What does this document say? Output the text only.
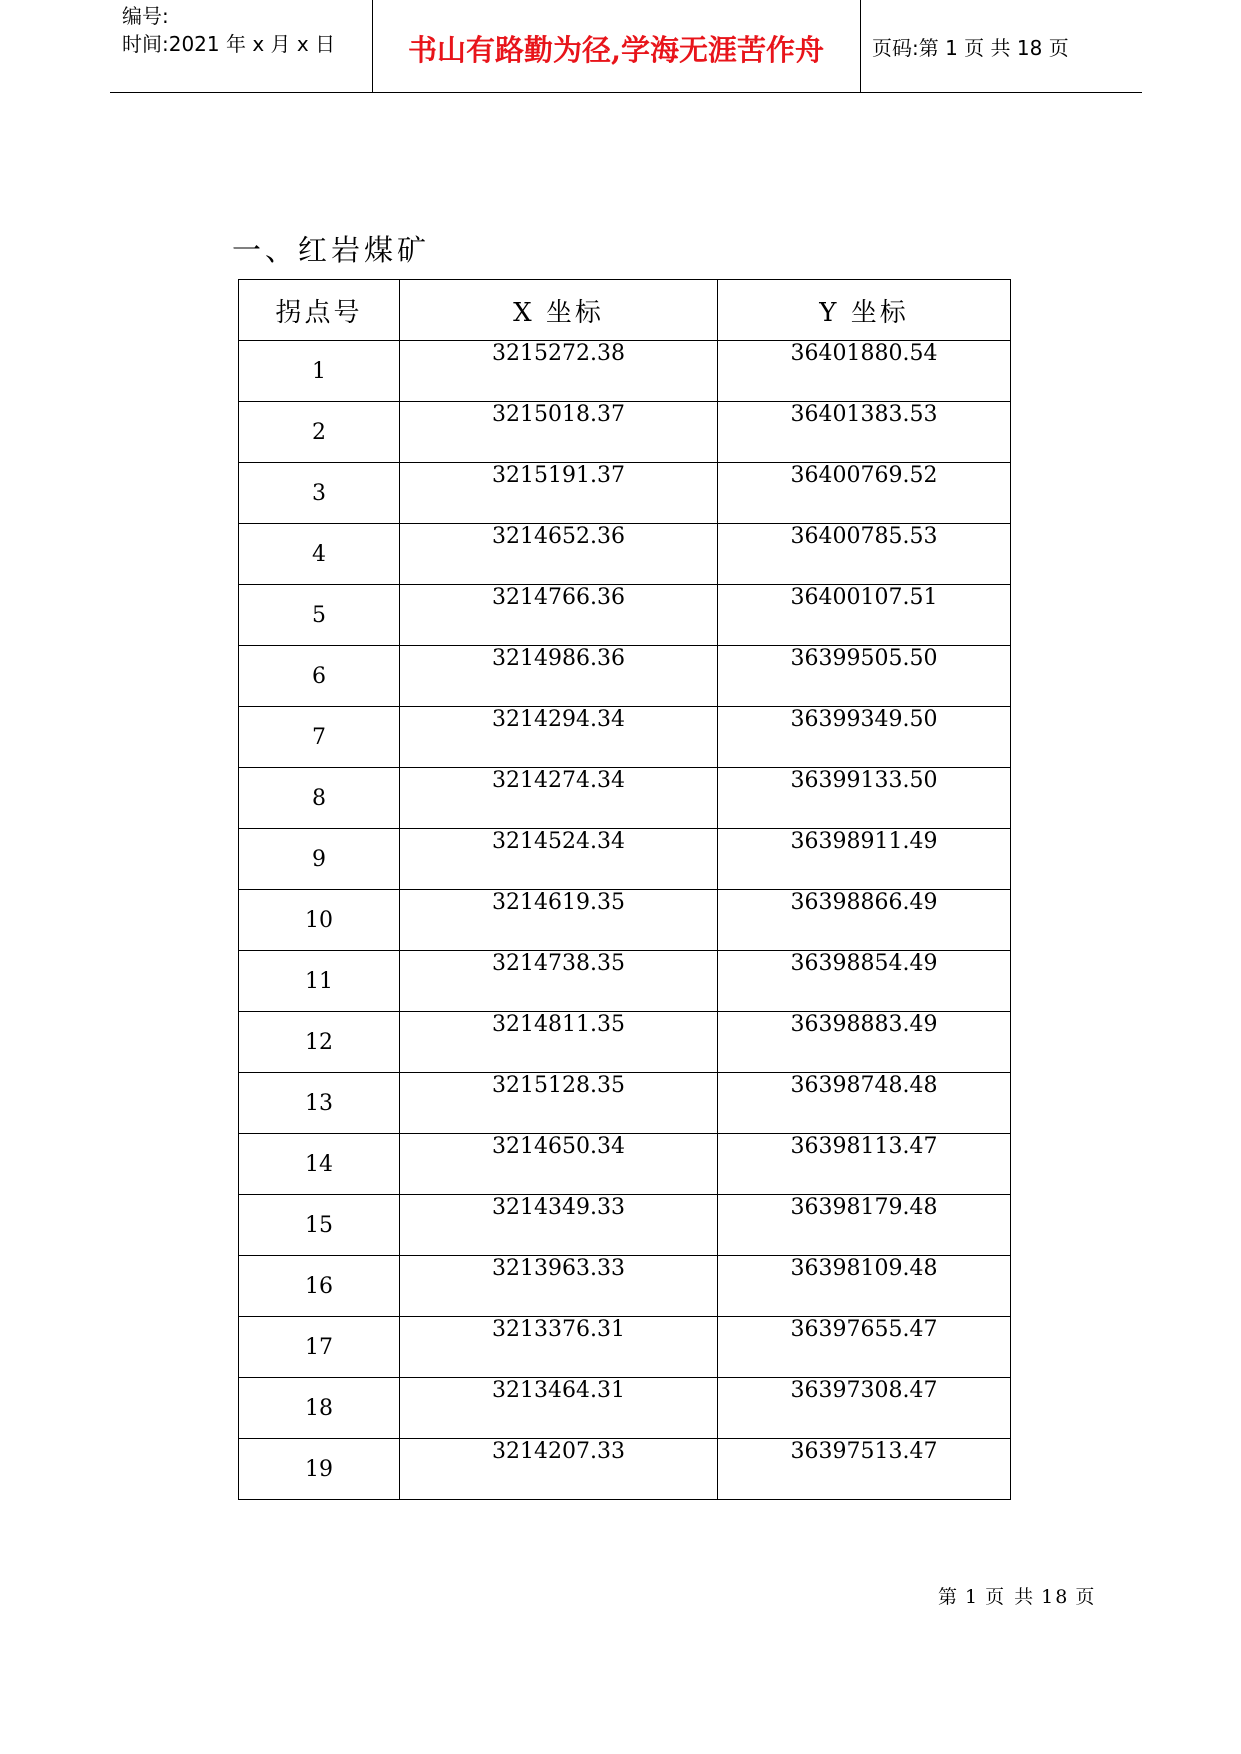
编号:
时间:2021 年 x 月 x 日	书山有路勤为径,学海无涯苦作舟	页码:第 1 页 共 18 页
一、红岩煤矿
拐点号	X 坐标	Y 坐标
1	3215272.38	36401880.54
2	3215018.37	36401383.53
3	3215191.37	36400769.52
4	3214652.36	36400785.53
5	3214766.36	36400107.51
6	3214986.36	36399505.50
7	3214294.34	36399349.50
8	3214274.34	36399133.50
9	3214524.34	36398911.49
10	3214619.35	36398866.49
11	3214738.35	36398854.49
12	3214811.35	36398883.49
13	3215128.35	36398748.48
14	3214650.34	36398113.47
15	3214349.33	36398179.48
16	3213963.33	36398109.48
17	3213376.31	36397655.47
18	3213464.31	36397308.47
19	3214207.33	36397513.47
第 1 页 共 18 页
